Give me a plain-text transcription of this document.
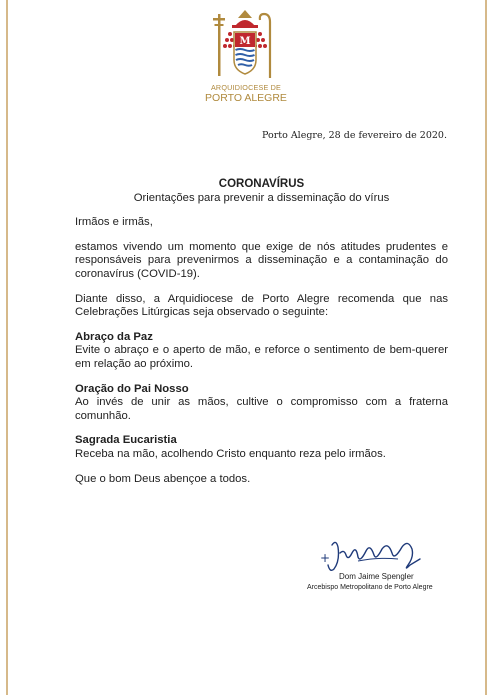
M
ARQUIDIOCESE DE
PORTO ALEGRE
Porto Alegre, 28 de fevereiro de 2020.

CORONAVÍRUS

Orientações para prevenir a disseminação do vírus

Irmãos e irmãs,

estamos vivendo um momento que exige de nós atitudes prudentes e responsáveis para prevenirmos a disseminação e a contaminação do coronavírus (COVID-19).

Diante disso, a Arquidiocese de Porto Alegre recomenda que nas Celebrações Litúrgicas seja observado o seguinte:

Abraço da Paz

Evite o abraço e o aperto de mão, e reforce o sentimento de bem-querer em relação ao próximo.

Oração do Pai Nosso

Ao invés de unir as mãos, cultive o compromisso com a fraterna comunhão.

Sagrada Eucaristia

Receba na mão, acolhendo Cristo enquanto reza pelo irmãos.

Que o bom Deus abençoe a todos.

+
Dom Jaime Spengler
Arcebispo Metropolitano de Porto Alegre
